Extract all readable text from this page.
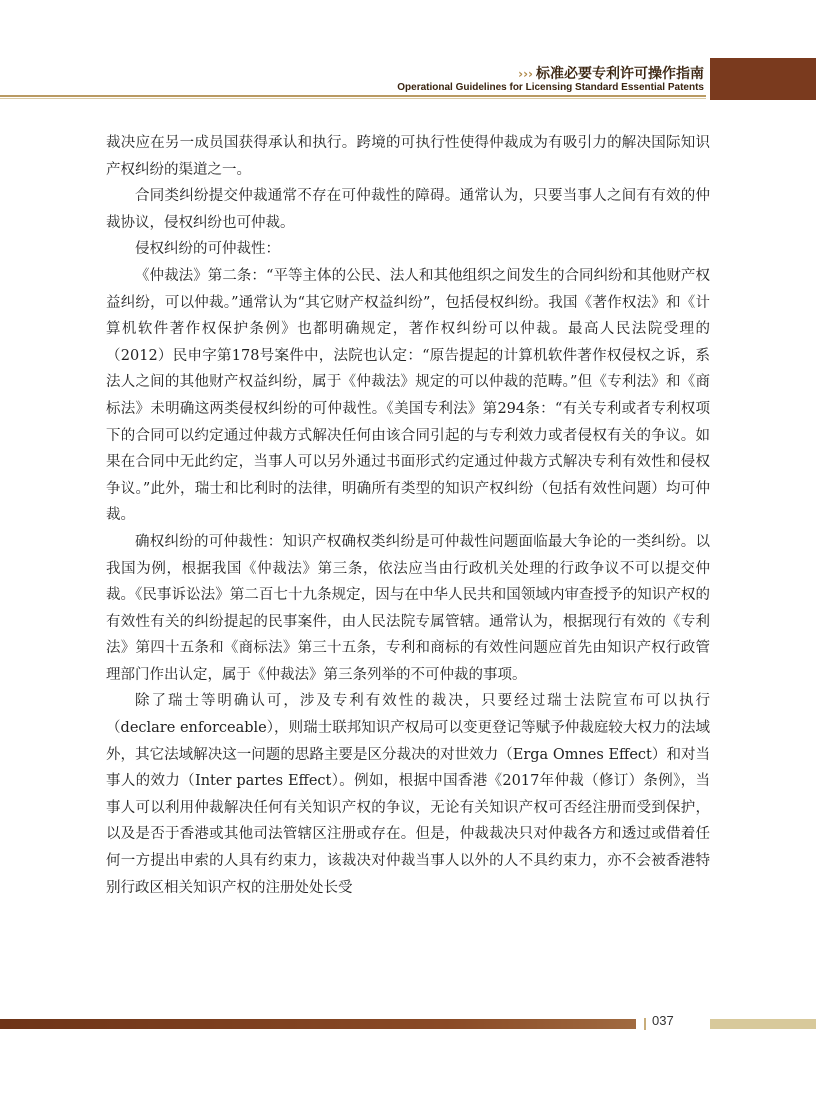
››› 标准必要专利许可操作指南
Operational Guidelines for Licensing Standard Essential Patents

裁决应在另一成员国获得承认和执行。跨境的可执行性使得仲裁成为有吸引力的解决国际知识产权纠纷的渠道之一。

合同类纠纷提交仲裁通常不存在可仲裁性的障碍。通常认为，只要当事人之间有有效的仲裁协议，侵权纠纷也可仲裁。

侵权纠纷的可仲裁性：

《仲裁法》第二条：“平等主体的公民、法人和其他组织之间发生的合同纠纷和其他财产权益纠纷，可以仲裁。”通常认为“其它财产权益纠纷”，包括侵权纠纷。我国《著作权法》和《计算机软件著作权保护条例》也都明确规定，著作权纠纷可以仲裁。最高人民法院受理的（2012）民申字第178号案件中，法院也认定：“原告提起的计算机软件著作权侵权之诉，系法人之间的其他财产权益纠纷，属于《仲裁法》规定的可以仲裁的范畴。”但《专利法》和《商标法》未明确这两类侵权纠纷的可仲裁性。《美国专利法》第294条：“有关专利或者专利权项下的合同可以约定通过仲裁方式解决任何由该合同引起的与专利效力或者侵权有关的争议。如果在合同中无此约定，当事人可以另外通过书面形式约定通过仲裁方式解决专利有效性和侵权争议。”此外，瑞士和比利时的法律，明确所有类型的知识产权纠纷（包括有效性问题）均可仲裁。

确权纠纷的可仲裁性：知识产权确权类纠纷是可仲裁性问题面临最大争论的一类纠纷。以我国为例，根据我国《仲裁法》第三条，依法应当由行政机关处理的行政争议不可以提交仲裁。《民事诉讼法》第二百七十九条规定，因与在中华人民共和国领域内审查授予的知识产权的有效性有关的纠纷提起的民事案件，由人民法院专属管辖。通常认为，根据现行有效的《专利法》第四十五条和《商标法》第三十五条，专利和商标的有效性问题应首先由知识产权行政管理部门作出认定，属于《仲裁法》第三条列举的不可仲裁的事项。

除了瑞士等明确认可，涉及专利有效性的裁决，只要经过瑞士法院宣布可以执行（declare enforceable），则瑞士联邦知识产权局可以变更登记等赋予仲裁庭较大权力的法域外，其它法域解决这一问题的思路主要是区分裁决的对世效力（Erga Omnes Effect）和对当事人的效力（Inter partes Effect）。例如，根据中国香港《2017年仲裁（修订）条例》，当事人可以利用仲裁解决任何有关知识产权的争议，无论有关知识产权可否经注册而受到保护，以及是否于香港或其他司法管辖区注册或存在。但是，仲裁裁决只对仲裁各方和透过或借着任何一方提出申索的人具有约束力，该裁决对仲裁当事人以外的人不具约束力，亦不会被香港特别行政区相关知识产权的注册处处长受

037
